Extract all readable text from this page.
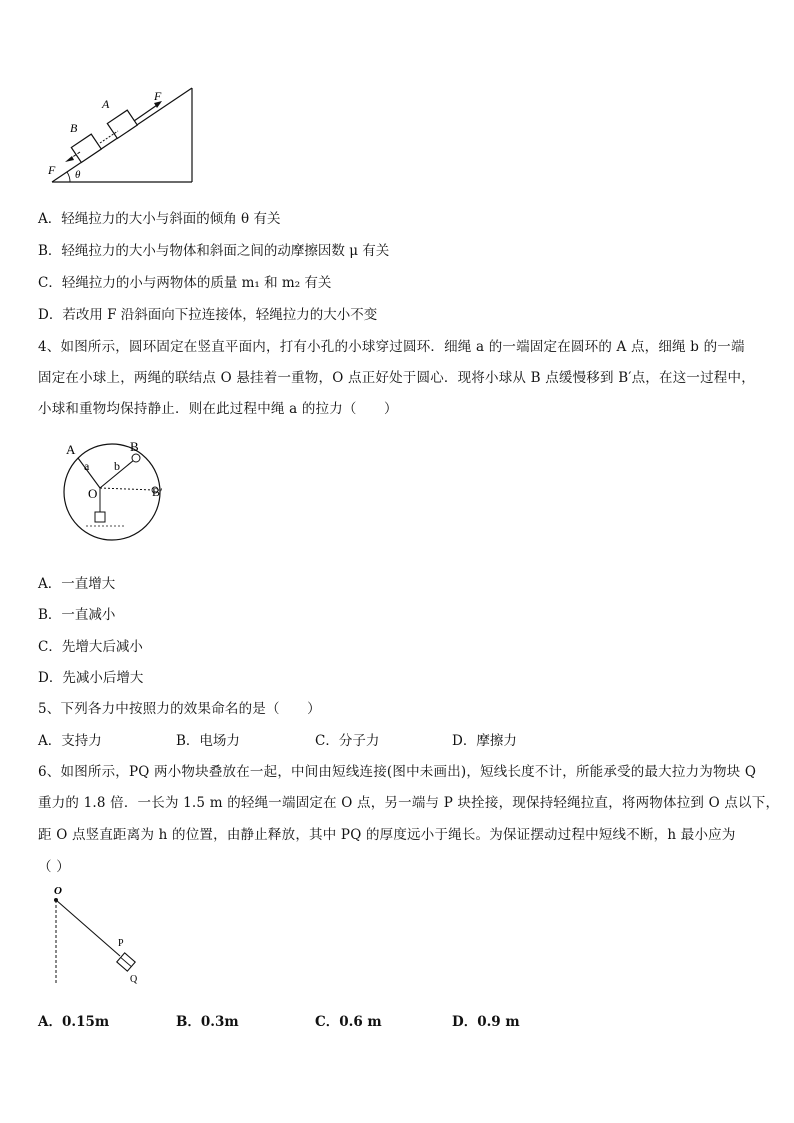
A
B
F
F θ
A．轻绳拉力的大小与斜面的倾角 θ 有关
B．轻绳拉力的大小与物体和斜面之间的动摩擦因数 μ 有关
C．轻绳拉力的小与两物体的质量 m₁ 和 m₂ 有关
D．若改用 F 沿斜面向下拉连接体，轻绳拉力的大小不变
4、如图所示，圆环固定在竖直平面内，打有小孔的小球穿过圆环．细绳 a 的一端固定在圆环的 A 点，细绳 b 的一端
固定在小球上，两绳的联结点 O 悬挂着一重物，O 点正好处于圆心．现将小球从 B 点缓慢移到 B′点，在这一过程中，
小球和重物均保持静止．则在此过程中绳 a 的拉力（　　）
A	B
a b
O	B′
A．一直增大
B．一直减小
C．先增大后减小
D．先减小后增大
5、下列各力中按照力的效果命名的是（　　）
A．支持力	B．电场力	C．分子力	D．摩擦力
6、如图所示，PQ 两小物块叠放在一起，中间由短线连接(图中未画出)，短线长度不计，所能承受的最大拉力为物块 Q
重力的 1.8 倍．一长为 1.5 m 的轻绳一端固定在 O 点，另一端与 P 块拴接，现保持轻绳拉直，将两物体拉到 O 点以下，
距 O 点竖直距离为 h 的位置，由静止释放，其中 PQ 的厚度远小于绳长。为保证摆动过程中短线不断，h 最小应为
（ ）
O
P
Q
A．0.15m	B．0.3m	C．0.6 m	D．0.9 m
